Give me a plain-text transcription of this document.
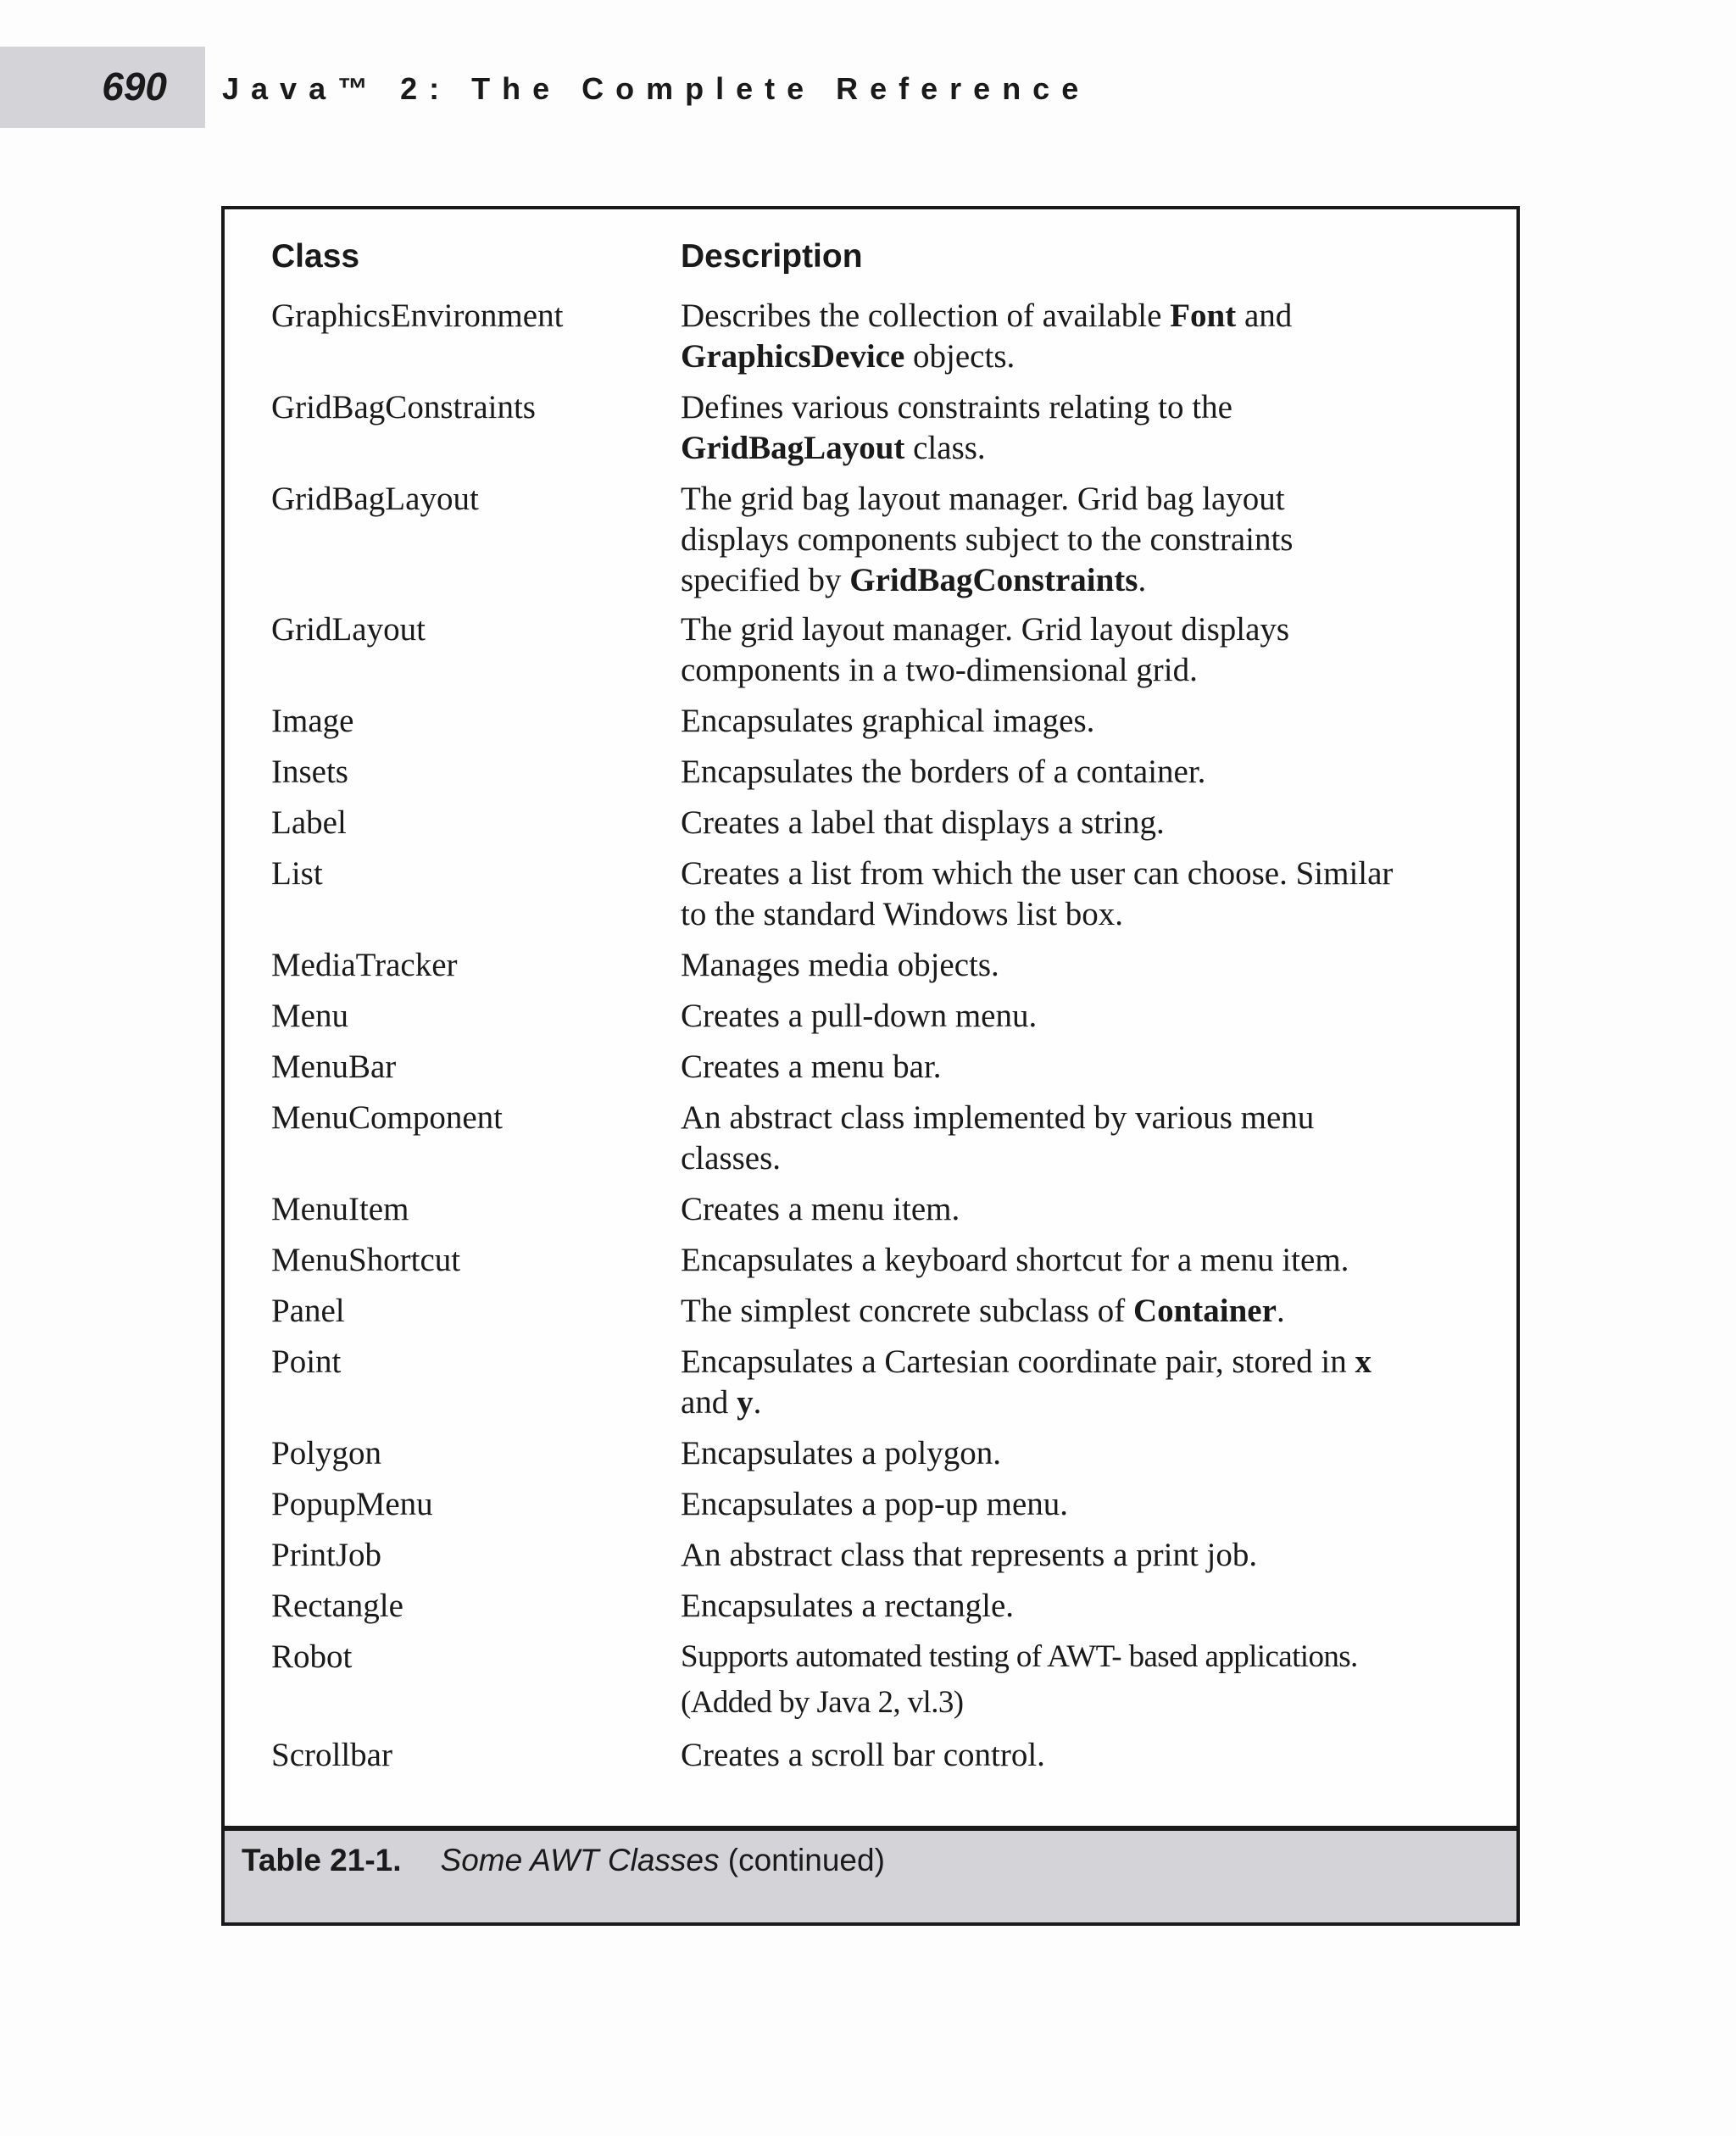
690 Java™ 2: The Complete Reference
Class	Description
GraphicsEnvironment	Describes the collection of available Font and
GraphicsDevice objects.
GridBagConstraints	Defines various constraints relating to the
GridBagLayout class.
GridBagLayout	The grid bag layout manager. Grid bag layout
displays components subject to the constraints
specified by GridBagConstraints.
GridLayout	The grid layout manager. Grid layout displays
components in a two-dimensional grid.
Image	Encapsulates graphical images.
Insets	Encapsulates the borders of a container.
Label	Creates a label that displays a string.
List	Creates a list from which the user can choose. Similar
to the standard Windows list box.
MediaTracker	Manages media objects.
Menu	Creates a pull-down menu.
MenuBar	Creates a menu bar.
MenuComponent	An abstract class implemented by various menu
classes.
MenuItem	Creates a menu item.
MenuShortcut	Encapsulates a keyboard shortcut for a menu item.
Panel	The simplest concrete subclass of Container.
Point	Encapsulates a Cartesian coordinate pair, stored in x
and y.
Polygon	Encapsulates a polygon.
PopupMenu	Encapsulates a pop-up menu.
PrintJob	An abstract class that represents a print job.
Rectangle	Encapsulates a rectangle.
Robot	Supports automated testing of AWT- based applications.
(Added by Java 2, vl.3)
Scrollbar	Creates a scroll bar control.
Table 21-1. Some AWT Classes (continued)
